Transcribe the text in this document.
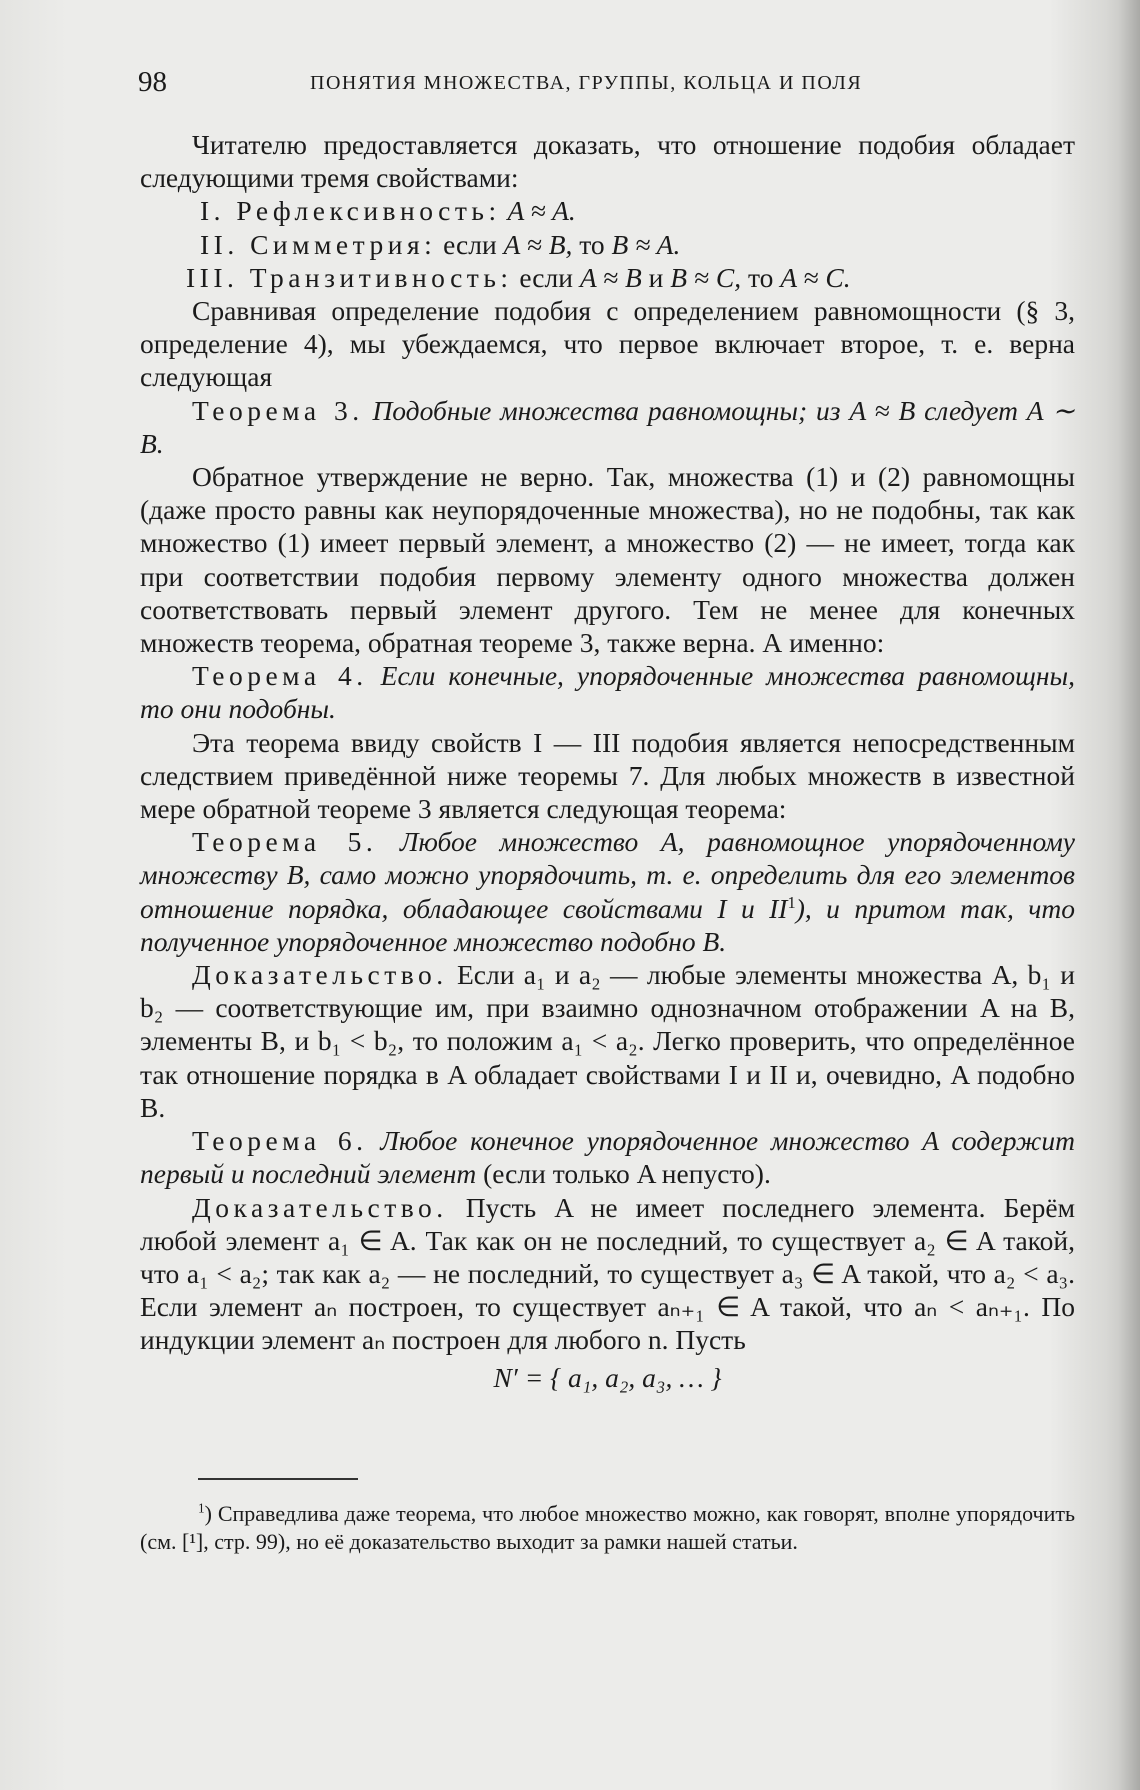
98	ПОНЯТИЯ МНОЖЕСТВА, ГРУППЫ, КОЛЬЦА И ПОЛЯ

Читателю предоставляется доказать, что отношение подобия обладает следующими тремя свойствами:

I. Рефлексивность: A ≈ A.

II. Симметрия: если A ≈ B, то B ≈ A.

III. Транзитивность: если A ≈ B и B ≈ C, то A ≈ C.

Сравнивая определение подобия с определением равномощности (§ 3, определение 4), мы убеждаемся, что первое включает второе, т. е. верна следующая

Теорема 3. Подобные множества равномощны; из A ≈ B следует A ∼ B.

Обратное утверждение не верно. Так, множества (1) и (2) равномощны (даже просто равны как неупорядоченные множества), но не подобны, так как множество (1) имеет первый элемент, а множество (2) — не имеет, тогда как при соответствии подобия первому элементу одного множества должен соответствовать первый элемент другого. Тем не менее для конечных множеств теорема, обратная теореме 3, также верна. А именно:

Теорема 4. Если конечные, упорядоченные множества равномощны, то они подобны.

Эта теорема ввиду свойств I — III подобия является непосредственным следствием приведённой ниже теоремы 7. Для любых множеств в известной мере обратной теореме 3 является следующая теорема:

Теорема 5. Любое множество A, равномощное упорядоченному множеству B, само можно упорядочить, т. е. определить для его элементов отношение порядка, обладающее свойствами I и $II^1$), и притом так, что полученное упорядоченное множество подобно B.

Доказательство. Если a₁ и a₂ — любые элементы множества A, b₁ и b₂ — соответствующие им, при взаимно однозначном отображении A на B, элементы B, и b₁ < b₂, то положим a₁ < a₂. Легко проверить, что определённое так отношение порядка в A обладает свойствами I и II и, очевидно, A подобно B.

Теорема 6. Любое конечное упорядоченное множество A содержит первый и последний элемент (если только A непусто).

Доказательство. Пусть A не имеет последнего элемента. Берём любой элемент a₁ ∈ A. Так как он не последний, то существует a₂ ∈ A такой, что a₁ < a₂; так как a₂ — не последний, то существует a₃ ∈ A такой, что a₂ < a₃. Если элемент aₙ построен, то существует aₙ₊₁ ∈ A такой, что aₙ < aₙ₊₁. По индукции элемент aₙ построен для любого n. Пусть

N′ = { a₁, a₂, a₃, … }

$^1$) Справедлива даже теорема, что любое множество можно, как говорят, вполне упорядочить (см. [¹], стр. 99), но её доказательство выходит за рамки нашей статьи.
